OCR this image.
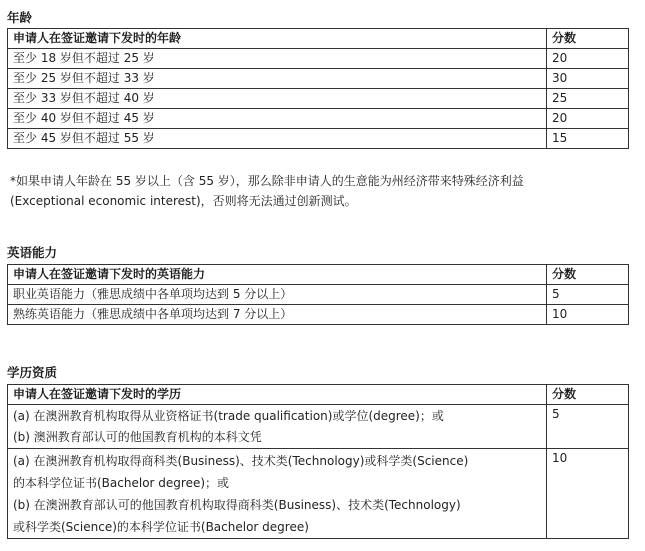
年龄
申请人在签证邀请下发时的年龄	分数
至少 18 岁但不超过 25 岁	20
至少 25 岁但不超过 33 岁	30
至少 33 岁但不超过 40 岁	25
至少 40 岁但不超过 45 岁	20
至少 45 岁但不超过 55 岁	15

*如果申请人年龄在 55 岁以上（含 55 岁），那么除非申请人的生意能为州经济带来特殊经济利益

(Exceptional economic interest)，否则将无法通过创新测试。

英语能力
申请人在签证邀请下发时的英语能力	分数
职业英语能力（雅思成绩中各单项均达到 5 分以上）	5
熟练英语能力（雅思成绩中各单项均达到 7 分以上）	10
学历资质
申请人在签证邀请下发时的学历	分数

(a) 在澳洲教育机构取得从业资格证书(trade qualification)或学位(degree)；或
(b) 澳洲教育部认可的他国教育机构的本科文凭	5

(a) 在澳洲教育机构取得商科类(Business)、技术类(Technology)或科学类(Science)
的本科学位证书(Bachelor degree)；或
(b) 在澳洲教育部认可的他国教育机构取得商科类(Business)、技术类(Technology)
或科学类(Science)的本科学位证书(Bachelor degree)	10
